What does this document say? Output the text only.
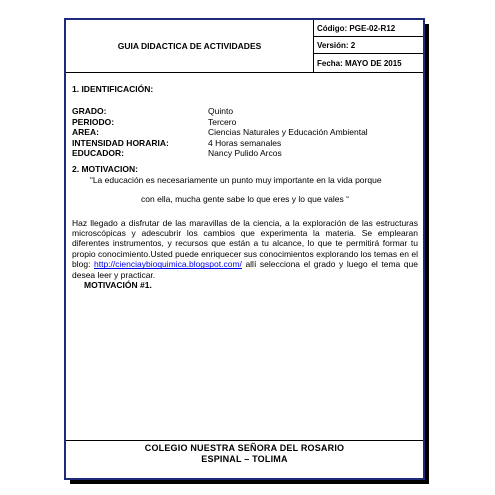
GUIA DIDACTICA DE ACTIVIDADES
Código: PGE-02-R12
Versión: 2
Fecha: MAYO DE 2015
1. IDENTIFICACIÓN:
GRADO:	Quinto
PERIODO:	Tercero
AREA:	Ciencias Naturales y Educación Ambiental
INTENSIDAD HORARIA:	4 Horas semanales
EDUCADOR:	Nancy Pulido Arcos
2. MOTIVACION:
“La educación es necesariamente un punto muy importante en la vida porque
con ella, mucha gente sabe lo que eres y lo que vales “
Haz llegado a disfrutar de las maravillas de la ciencia, a la exploración de las estructuras microscópicas y adescubrir los cambios que experimenta la materia. Se emplearan diferentes instrumentos, y recursos que están a tu alcance, lo que te permitirá formar tu propio conocimiento.Usted puede enriquecer sus conocimientos explorando los temas en el blog: http://cienciaybioquimica.blogspot.com/ allí selecciona el grado y luego el tema que desea leer y practicar.
MOTIVACIÓN #1.
COLEGIO NUESTRA SEÑORA DEL ROSARIO
ESPINAL – TOLIMA
